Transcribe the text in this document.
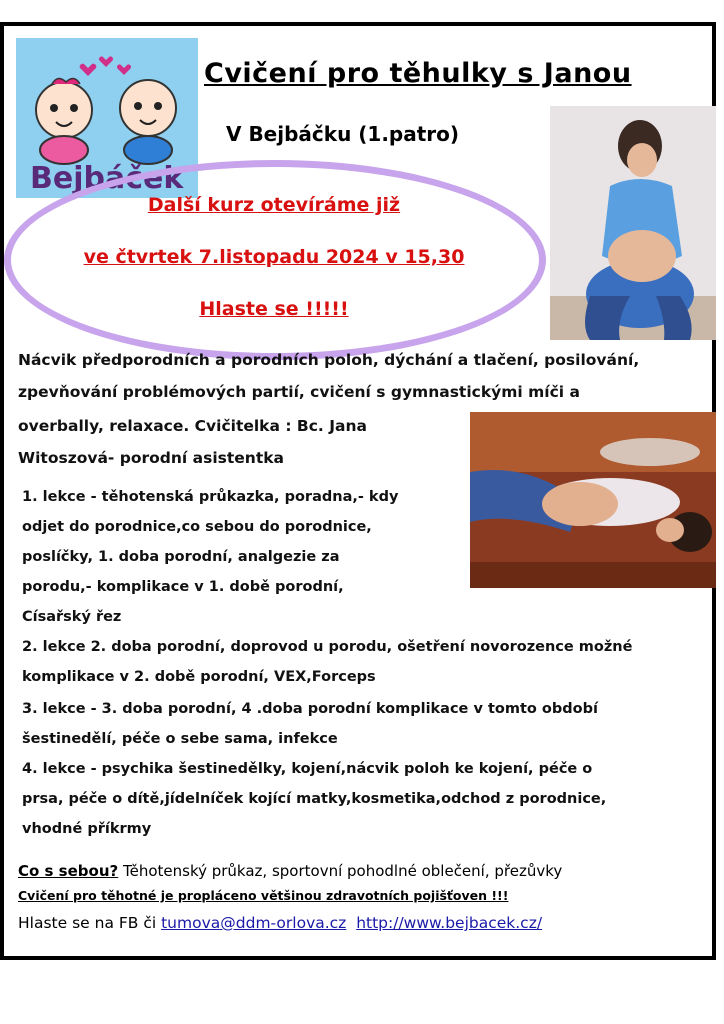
Bejbáček
Cvičení pro těhulky s Janou
V Bejbáčku (1.patro)
Další kurz otevíráme již
ve čtvrtek 7.listopadu 2024 v 15,30
Hlaste se !!!!!
Nácvik předporodních a porodních poloh, dýchání a tlačení, posilování,
zpevňování problémových partií, cvičení s gymnastickými míči a
overbally, relaxace. Cvičitelka : Bc. Jana
Witoszová- porodní asistentka
1. lekce - těhotenská průkazka, poradna,- kdy
odjet do porodnice,co sebou do porodnice,
poslíčky, 1. doba porodní, analgezie za
porodu,- komplikace v 1. době porodní,
Císařský řez
2. lekce 2. doba porodní, doprovod u porodu, ošetření novorozence možné
komplikace v 2. době porodní, VEX,Forceps
3. lekce - 3. doba porodní, 4 .doba porodní komplikace v tomto období
šestinedělí, péče o sebe sama, infekce
4. lekce - psychika šestinedělky, kojení,nácvik poloh ke kojení, péče o
prsa, péče o dítě,jídelníček kojící matky,kosmetika,odchod z porodnice,
vhodné příkrmy
Co s sebou? Těhotenský průkaz, sportovní pohodlné oblečení, přezůvky
Cvičení pro těhotné je propláceno většinou zdravotních pojišťoven !!!
Hlaste se na FB či tumova@ddm-orlova.cz http://www.bejbacek.cz/
